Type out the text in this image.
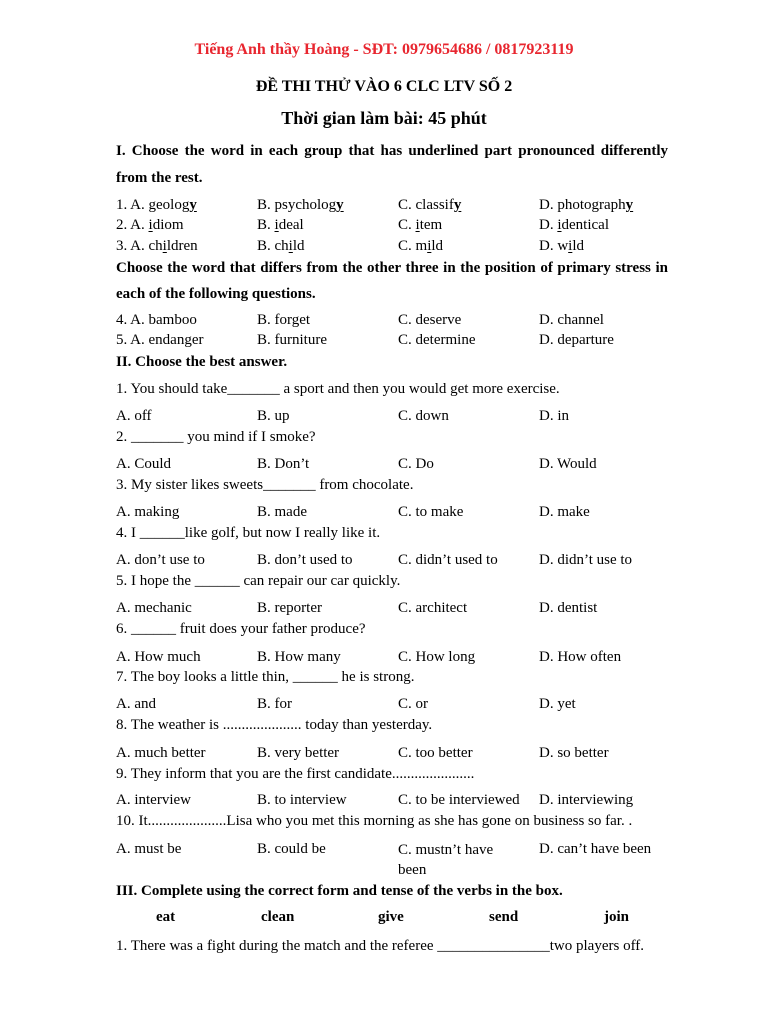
Tiếng Anh thầy Hoàng - SĐT: 0979654686 / 0817923119
ĐỀ THI THỬ VÀO 6 CLC LTV SỐ 2
Thời gian làm bài: 45 phút
I. Choose the word in each group that has underlined part pronounced differently
from the rest.
1. A. geology	B. psychology	C. classify	D. photography
2. A. idiom	B. ideal	C. item	D. identical
3. A. children	B. child	C. mild	D. wild
Choose the word that differs from the other three in the position of primary stress in
each of the following questions.
4. A. bamboo	B. forget	C. deserve	D. channel
5. A. endanger	B. furniture	C. determine	D. departure
II. Choose the best answer.
1. You should take_______ a sport and then you would get more exercise.
A. off	B. up	C. down	D. in
2. _______ you mind if I smoke?
A. Could	B. Don’t	C. Do	D. Would
3. My sister likes sweets_______ from chocolate.
A. making	B. made	C. to make	D. make
4. I ______like golf, but now I really like it.
A. don’t use to	B. don’t used to	C. didn’t used to	D. didn’t use to
5. I hope the ______ can repair our car quickly.
A. mechanic	B. reporter	C. architect	D. dentist
6. ______ fruit does your father produce?
A. How much	B. How many	C. How long	D. How often
7. The boy looks a little thin, ______ he is strong.
A. and	B. for	C. or	D. yet
8. The weather is ..................... today than yesterday.
A. much better	B. very better	C. too better	D. so better
9. They inform that you are the first candidate......................
A. interview	B. to interview	C. to be interviewed D. interviewing
10. It.....................Lisa who you met this morning as she has gone on business so far. .
A. must be	B. could be	C. mustn’t have been
D. can’t have been
III. Complete using the correct form and tense of the verbs in the box.
eat	clean	give	send	join
1. There was a fight during the match and the referee _______________two players off.
